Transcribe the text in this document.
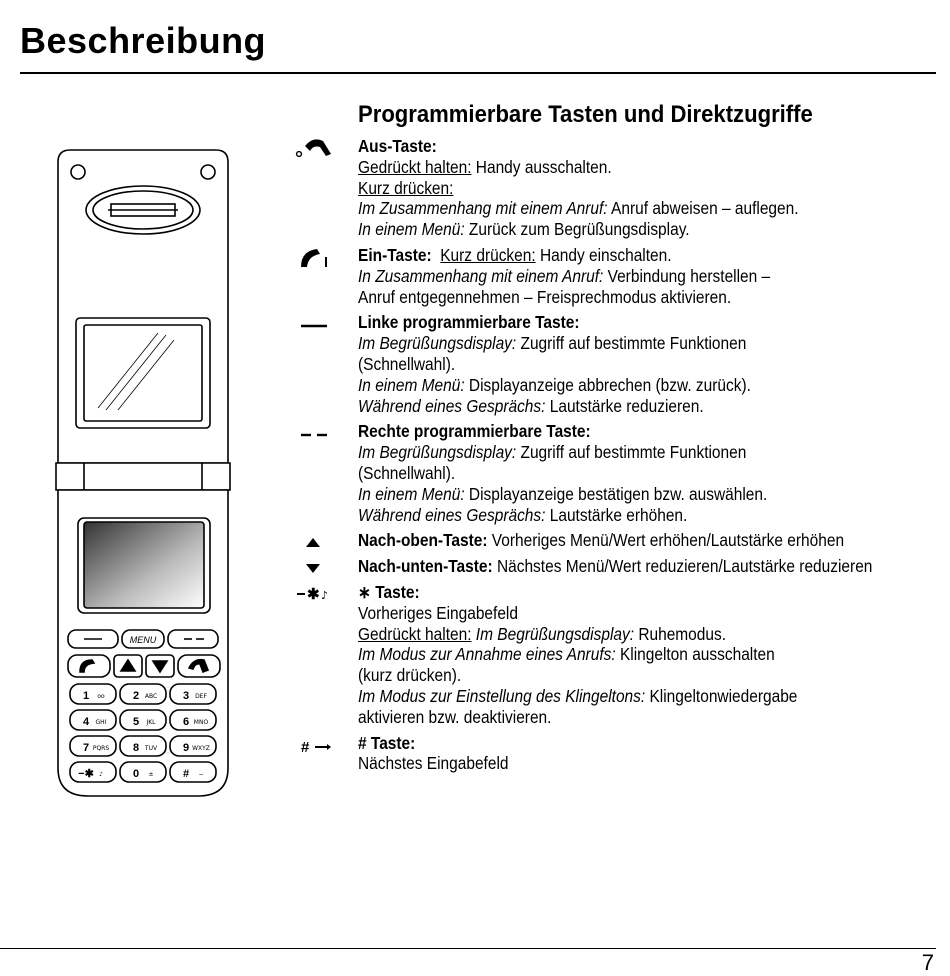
Beschreibung
MENU
1 ᴏᴏ	2 ABC 3 DEF
4 GHI 5 JKL 6 MNO
7 PQRS 8 TUV 9 WXYZ
−✱ ♪	0 ±	# −
Programmierbare Tasten und Direktzugriffe
Aus-Taste:
Gedrückt halten: Handy ausschalten.
Kurz drücken:
Im Zusammenhang mit einem Anruf: Anruf abweisen – auflegen.
In einem Menü: Zurück zum Begrüßungsdisplay.
Ein-Taste: Kurz drücken: Handy einschalten.
In Zusammenhang mit einem Anruf: Verbindung herstellen –
Anruf entgegennehmen – Freisprechmodus aktivieren.
Linke programmierbare Taste:
Im Begrüßungsdisplay: Zugriff auf bestimmte Funktionen
(Schnellwahl).
In einem Menü: Displayanzeige abbrechen (bzw. zurück).
Während eines Gesprächs: Lautstärke reduzieren.
Rechte programmierbare Taste:
Im Begrüßungsdisplay: Zugriff auf bestimmte Funktionen
(Schnellwahl).
In einem Menü: Displayanzeige bestätigen bzw. auswählen.
Während eines Gesprächs: Lautstärke erhöhen.
Nach-oben-Taste: Vorheriges Menü/Wert erhöhen/Lautstärke erhöhen
Nach-unten-Taste: Nächstes Menü/Wert reduzieren/Lautstärke reduzieren
✱ ♪ ∗ Taste:
Vorheriges Eingabefeld
Gedrückt halten: Im Begrüßungsdisplay: Ruhemodus.
Im Modus zur Annahme eines Anrufs: Klingelton ausschalten
(kurz drücken).
Im Modus zur Einstellung des Klingeltons: Klingeltonwiedergabe
aktivieren bzw. deaktivieren.
#	# Taste:
Nächstes Eingabefeld
7
